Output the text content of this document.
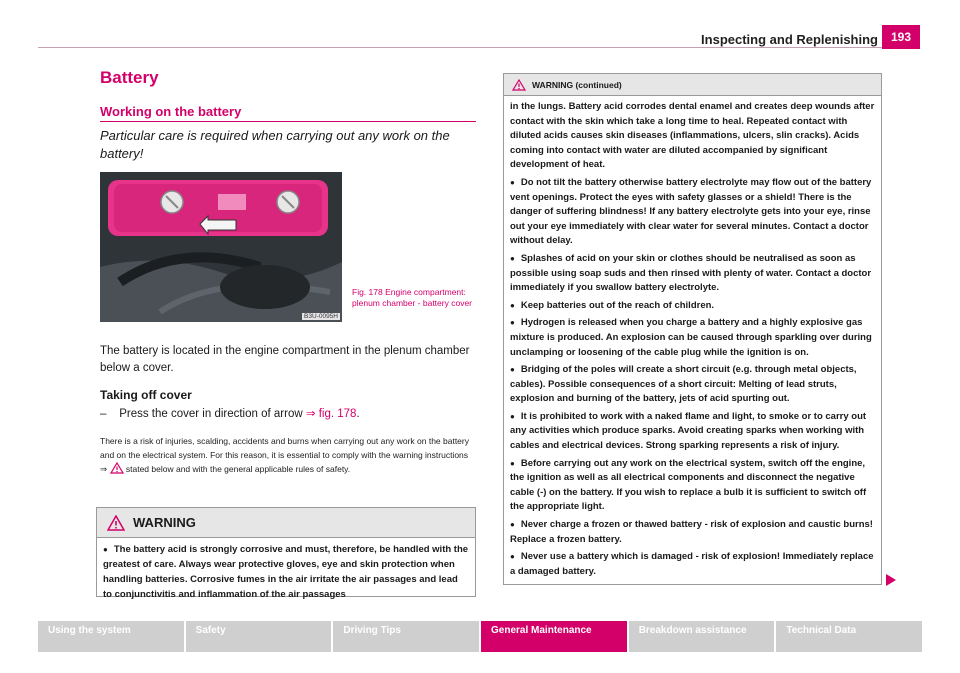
Inspecting and Replenishing	193
Battery
Working on the battery
Particular care is required when carrying out any work on the battery!
B3U-0095H
Fig. 178 Engine compartment: plenum chamber - battery cover
The battery is located in the engine compartment in the plenum chamber below a cover.
Taking off cover
– Press the cover in direction of arrow ⇒ fig. 178.
There is a risk of injuries, scalding, accidents and burns when carrying out any work on the battery and on the electrical system. For this reason, it is essential to comply with the warning instructions ⇒ stated below and with the general applicable rules of safety.
WARNING
● The battery acid is strongly corrosive and must, therefore, be handled with the greatest of care. Always wear protective gloves, eye and skin protection when handling batteries. Corrosive fumes in the air irritate the air passages and lead to conjunctivitis and inflammation of the air passages
WARNING (continued)

in the lungs. Battery acid corrodes dental enamel and creates deep wounds after contact with the skin which take a long time to heal. Repeated contact with diluted acids causes skin diseases (inflammations, ulcers, slin cracks). Acids coming into contact with water are diluted accompanied by significant development of heat.

● Do not tilt the battery otherwise battery electrolyte may flow out of the battery vent openings. Protect the eyes with safety glasses or a shield! There is the danger of suffering blindness! If any battery electrolyte gets into your eye, rinse out your eye immediately with clear water for several minutes. Contact a doctor without delay.

● Splashes of acid on your skin or clothes should be neutralised as soon as possible using soap suds and then rinsed with plenty of water. Contact a doctor immediately if you swallow battery electrolyte.

● Keep batteries out of the reach of children.

● Hydrogen is released when you charge a battery and a highly explosive gas mixture is produced. An explosion can be caused through sparkling over during unclamping or loosening of the cable plug while the ignition is on.

● Bridging of the poles will create a short circuit (e.g. through metal objects, cables). Possible consequences of a short circuit: Melting of lead struts, explosion and burning of the battery, jets of acid spurting out.

● It is prohibited to work with a naked flame and light, to smoke or to carry out any activities which produce sparks. Avoid creating sparks when working with cables and electrical devices. Strong sparking represents a risk of injury.

● Before carrying out any work on the electrical system, switch off the engine, the ignition as well as all electrical components and disconnect the negative cable (-) on the battery. If you wish to replace a bulb it is sufficient to switch off the appropriate light.

● Never charge a frozen or thawed battery - risk of explosion and caustic burns! Replace a frozen battery.

● Never use a battery which is damaged - risk of explosion! Immediately replace a damaged battery.

Using the system	Safety	Driving Tips	General Maintenance	Breakdown assistance	Technical Data
